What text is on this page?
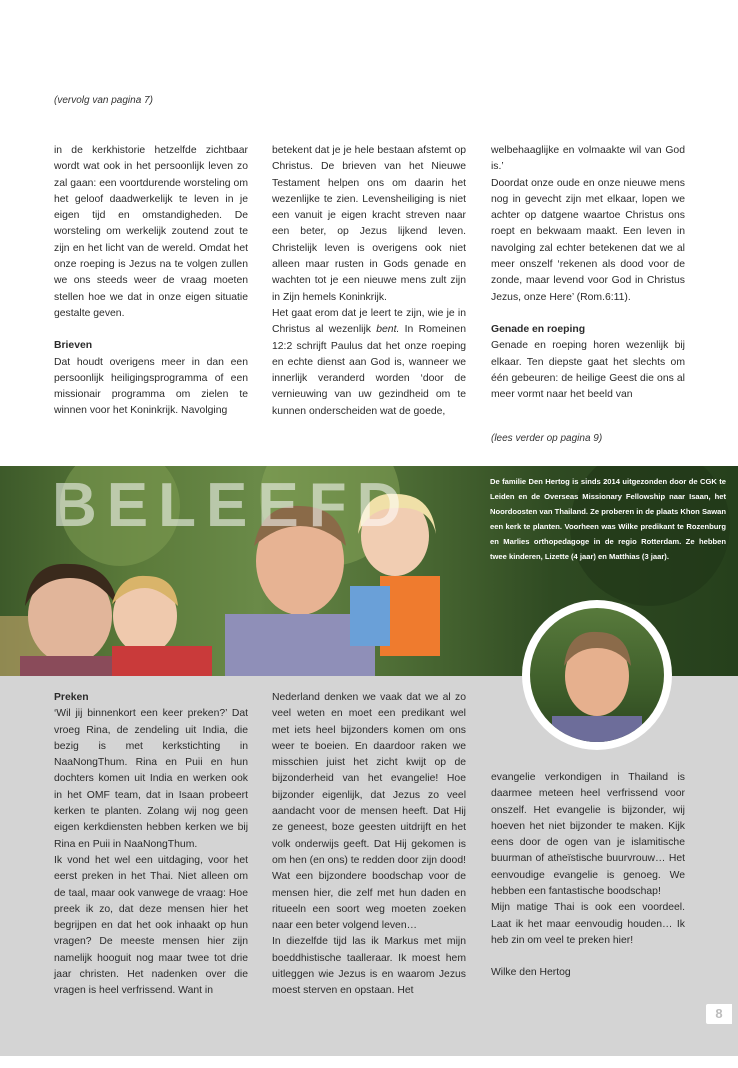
(vervolg van pagina 7)

in de kerkhistorie hetzelfde zichtbaar wordt wat ook in het persoonlijk leven zo zal gaan: een voortdurende worsteling om het geloof daadwerkelijk te leven in je eigen tijd en omstandigheden. De worsteling om werkelijk zoutend zout te zijn en het licht van de wereld. Omdat het onze roeping is Jezus na te volgen zullen we ons steeds weer de vraag moeten stellen hoe we dat in onze eigen situatie gestalte geven.

Brieven

Dat houdt overigens meer in dan een persoonlijk heiligingsprogramma of een missionair programma om zielen te winnen voor het Koninkrijk. Navolging

betekent dat je je hele bestaan afstemt op Christus. De brieven van het Nieuwe Testament helpen ons om daarin het wezenlijke te zien. Levensheiliging is niet een vanuit je eigen kracht streven naar een beter, op Jezus lijkend leven. Christelijk leven is overigens ook niet alleen maar rusten in Gods genade en wachten tot je een nieuwe mens zult zijn in Zijn hemels Koninkrijk.

Het gaat erom dat je leert te zijn, wie je in Christus al wezenlijk bent. In Romeinen 12:2 schrijft Paulus dat het onze roeping en echte dienst aan God is, wanneer we innerlijk veranderd worden ‘door de vernieuwing van uw gezindheid om te kunnen onderscheiden wat de goede,

welbehaaglijke en volmaakte wil van God is.’

Doordat onze oude en onze nieuwe mens nog in gevecht zijn met elkaar, lopen we achter op datgene waartoe Christus ons roept en bekwaam maakt. Een leven in navolging zal echter betekenen dat we al meer onszelf ‘rekenen als dood voor de zonde, maar levend voor God in Christus Jezus, onze Here’ (Rom.6:11).

Genade en roeping

Genade en roeping horen wezenlijk bij elkaar. Ten diepste gaat het slechts om één gebeuren: de heilige Geest die ons al meer vormt naar het beeld van

(lees verder op pagina 9)
BELEEFD	De familie Den Hertog is sinds 2014 uitgezonden door de CGK te Leiden en de Overseas Missionary Fellowship naar Isaan, het Noordoosten van Thailand. Ze proberen in de plaats Khon Sawan een kerk te planten. Voorheen was Wilke predikant te Rozenburg en Marlies orthopedagoge in de regio Rotterdam. Ze hebben twee kinderen, Lizette (4 jaar) en Matthias (3 jaar).

Preken

‘Wil jij binnenkort een keer preken?’ Dat vroeg Rina, de zendeling uit India, die bezig is met kerkstichting in NaaNongThum. Rina en Puii en hun dochters komen uit India en werken ook in het OMF team, dat in Isaan probeert kerken te planten. Zolang wij nog geen eigen kerkdiensten hebben kerken we bij Rina en Puii in NaaNongThum.

Ik vond het wel een uitdaging, voor het eerst preken in het Thai. Niet alleen om de taal, maar ook vanwege de vraag: Hoe preek ik zo, dat deze mensen hier het begrijpen en dat het ook inhaakt op hun vragen? De meeste mensen hier zijn namelijk hooguit nog maar twee tot drie jaar christen. Het nadenken over die vragen is heel verfrissend. Want in

Nederland denken we vaak dat we al zo veel weten en moet een predikant wel met iets heel bijzonders komen om ons weer te boeien. En daardoor raken we misschien juist het zicht kwijt op de bijzonderheid van het evangelie! Hoe bijzonder eigenlijk, dat Jezus zo veel aandacht voor de mensen heeft. Dat Hij ze geneest, boze geesten uitdrijft en het volk onderwijs geeft. Dat Hij gekomen is om hen (en ons) te redden door zijn dood! Wat een bijzondere boodschap voor de mensen hier, die zelf met hun daden en ritueeln een soort weg moeten zoeken naar een beter volgend leven…

In diezelfde tijd las ik Markus met mijn boeddhistische taalleraar. Ik moest hem uitleggen wie Jezus is en waarom Jezus moest sterven en opstaan. Het

evangelie verkondigen in Thailand is daarmee meteen heel verfrissend voor onszelf. Het evangelie is bijzonder, wij hoeven het niet bijzonder te maken. Kijk eens door de ogen van je islamitische buurman of atheïstische buurvrouw… Het eenvoudige evangelie is genoeg. We hebben een fantastische boodschap!

Mijn matige Thai is ook een voordeel. Laat ik het maar eenvoudig houden… Ik heb zin om veel te preken hier!

Wilke den Hertog

8
